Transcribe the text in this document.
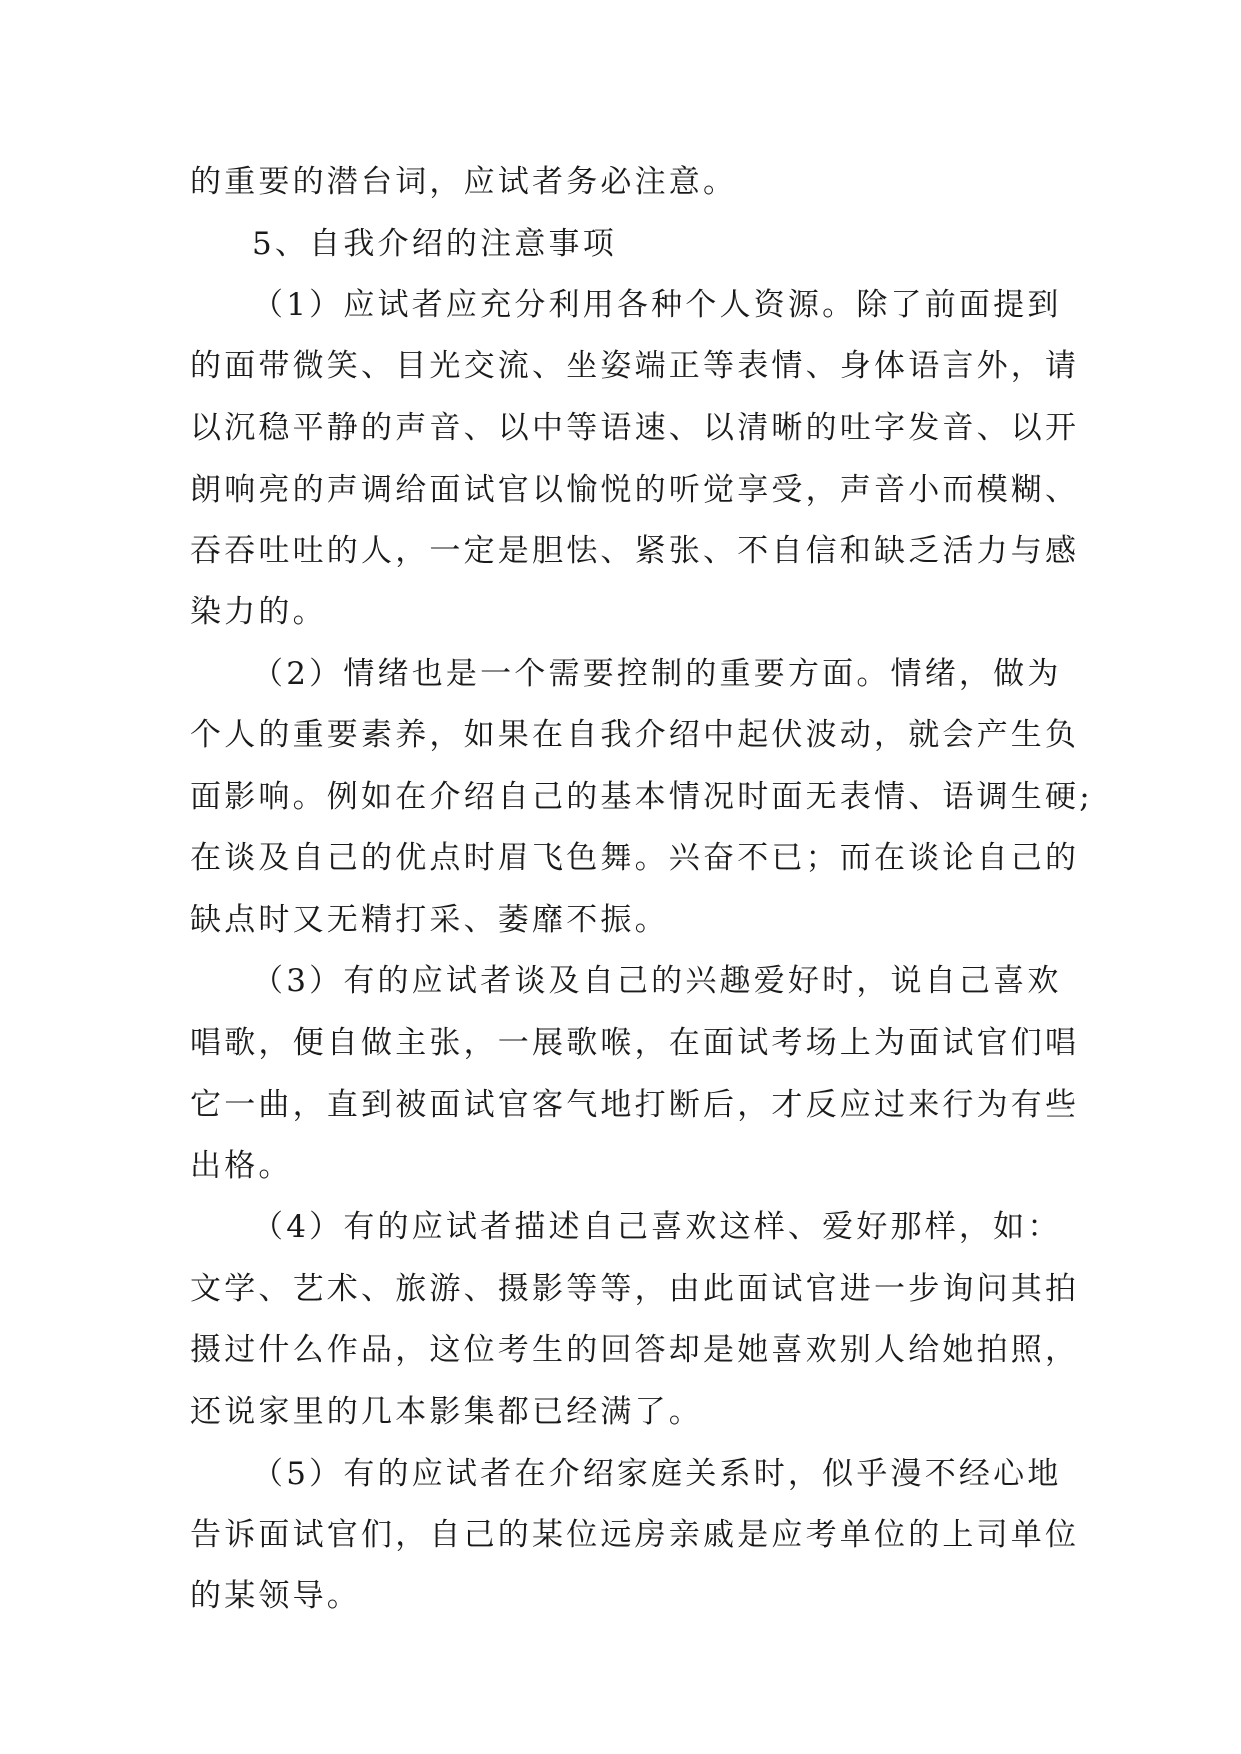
的重要的潜台词，应试者务必注意。
5、自我介绍的注意事项
（1）应试者应充分利用各种个人资源。除了前面提到
的面带微笑、目光交流、坐姿端正等表情、身体语言外，请
以沉稳平静的声音、以中等语速、以清晰的吐字发音、以开
朗响亮的声调给面试官以愉悦的听觉享受，声音小而模糊、
吞吞吐吐的人，一定是胆怯、紧张、不自信和缺乏活力与感
染力的。
（2）情绪也是一个需要控制的重要方面。情绪，做为
个人的重要素养，如果在自我介绍中起伏波动，就会产生负
面影响。例如在介绍自己的基本情况时面无表情、语调生硬;
在谈及自己的优点时眉飞色舞。兴奋不已；而在谈论自己的
缺点时又无精打采、萎靡不振。
（3）有的应试者谈及自己的兴趣爱好时，说自己喜欢
唱歌，便自做主张，一展歌喉，在面试考场上为面试官们唱
它一曲，直到被面试官客气地打断后，才反应过来行为有些
出格。
（4）有的应试者描述自己喜欢这样、爱好那样，如：
文学、艺术、旅游、摄影等等，由此面试官进一步询问其拍
摄过什么作品，这位考生的回答却是她喜欢别人给她拍照，
还说家里的几本影集都已经满了。
（5）有的应试者在介绍家庭关系时，似乎漫不经心地
告诉面试官们，自己的某位远房亲戚是应考单位的上司单位
的某领导。
